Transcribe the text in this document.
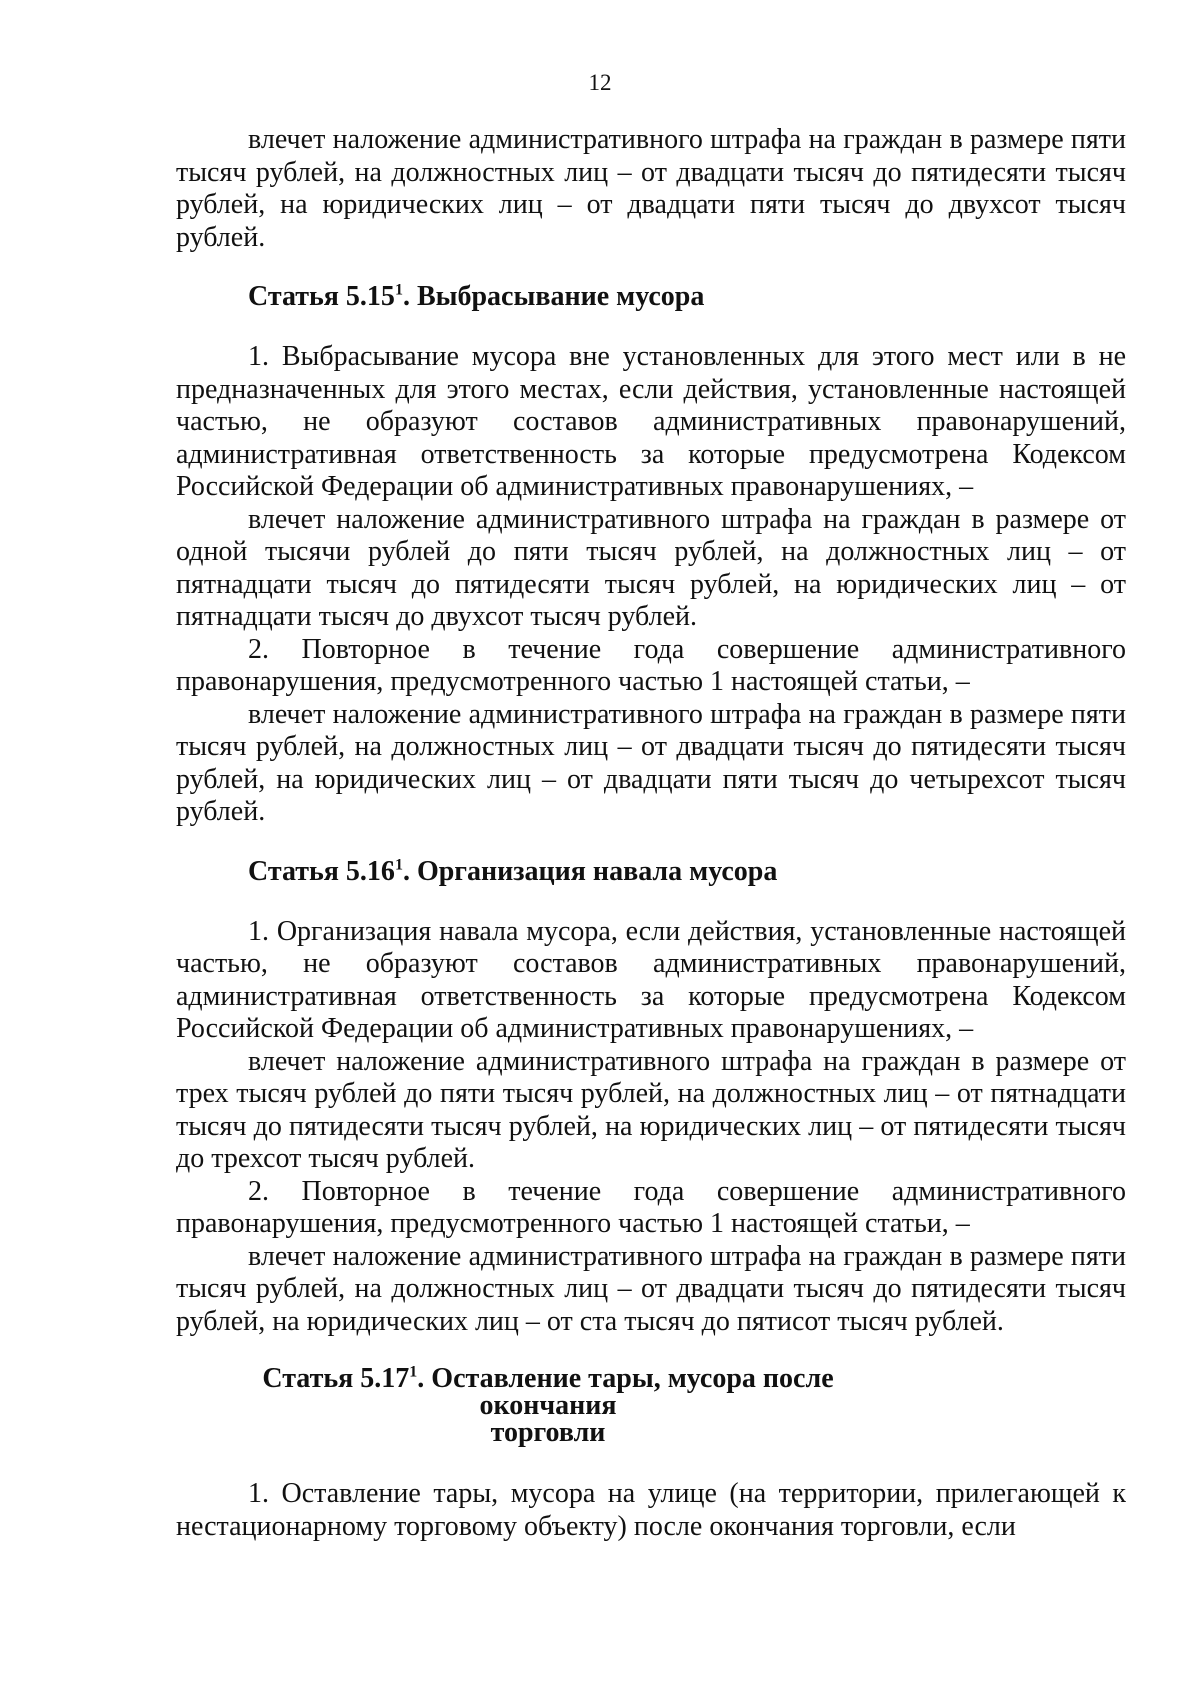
12

влечет наложение административного штрафа на граждан в размере пяти тысяч рублей, на должностных лиц – от двадцати тысяч до пятидесяти тысяч рублей, на юридических лиц – от двадцати пяти тысяч до двухсот тысяч рублей.

Статья 5.15$^1$. Выбрасывание мусора

1. Выбрасывание мусора вне установленных для этого мест или в не предназначенных для этого местах, если действия, установленные настоящей частью, не образуют составов административных правонарушений, административная ответственность за которые предусмотрена Кодексом Российской Федерации об административных правонарушениях, –

влечет наложение административного штрафа на граждан в размере от одной тысячи рублей до пяти тысяч рублей, на должностных лиц – от пятнадцати тысяч до пятидесяти тысяч рублей, на юридических лиц – от пятнадцати тысяч до двухсот тысяч рублей.

2. Повторное в течение года совершение административного правонарушения, предусмотренного частью 1 настоящей статьи, –

влечет наложение административного штрафа на граждан в размере пяти тысяч рублей, на должностных лиц – от двадцати тысяч до пятидесяти тысяч рублей, на юридических лиц – от двадцати пяти тысяч до четырехсот тысяч рублей.

Статья 5.16$^1$. Организация навала мусора

1. Организация навала мусора, если действия, установленные настоящей частью, не образуют составов административных правонарушений, административная ответственность за которые предусмотрена Кодексом Российской Федерации об административных правонарушениях, –

влечет наложение административного штрафа на граждан в размере от трех тысяч рублей до пяти тысяч рублей, на должностных лиц – от пятнадцати тысяч до пятидесяти тысяч рублей, на юридических лиц – от пятидесяти тысяч до трехсот тысяч рублей.

2. Повторное в течение года совершение административного правонарушения, предусмотренного частью 1 настоящей статьи, –

влечет наложение административного штрафа на граждан в размере пяти тысяч рублей, на должностных лиц – от двадцати тысяч до пятидесяти тысяч рублей, на юридических лиц – от ста тысяч до пятисот тысяч рублей.

Статья 5.17$^1$. Оставление тары, мусора после окончания
торговли

1. Оставление тары, мусора на улице (на территории, прилегающей к нестационарному торговому объекту) после окончания торговли, если
